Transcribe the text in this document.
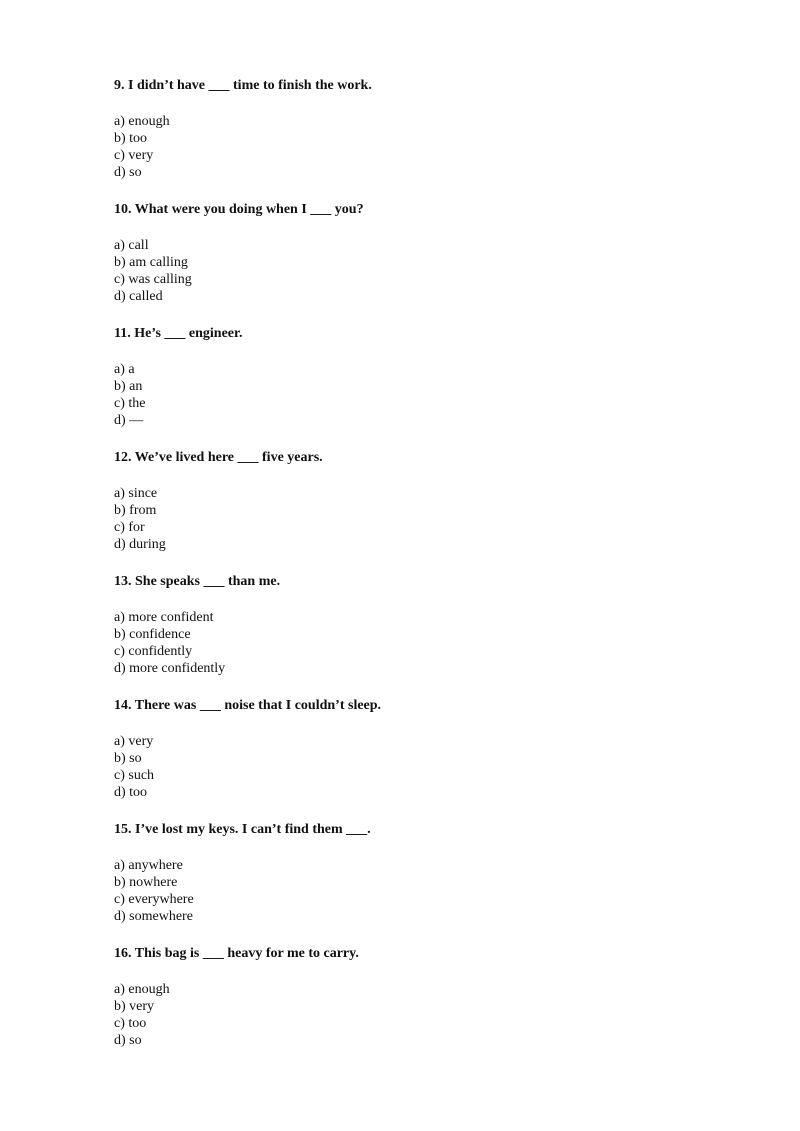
9. I didn’t have ___ time to finish the work.

a) enough
b) too
c) very
d) so

10. What were you doing when I ___ you?

a) call
b) am calling
c) was calling
d) called

11. He’s ___ engineer.

a) a
b) an
c) the
d) —

12. We’ve lived here ___ five years.

a) since
b) from
c) for
d) during

13. She speaks ___ than me.

a) more confident
b) confidence
c) confidently
d) more confidently

14. There was ___ noise that I couldn’t sleep.

a) very
b) so
c) such
d) too

15. I’ve lost my keys. I can’t find them ___.

a) anywhere
b) nowhere
c) everywhere
d) somewhere

16. This bag is ___ heavy for me to carry.

a) enough
b) very
c) too
d) so
